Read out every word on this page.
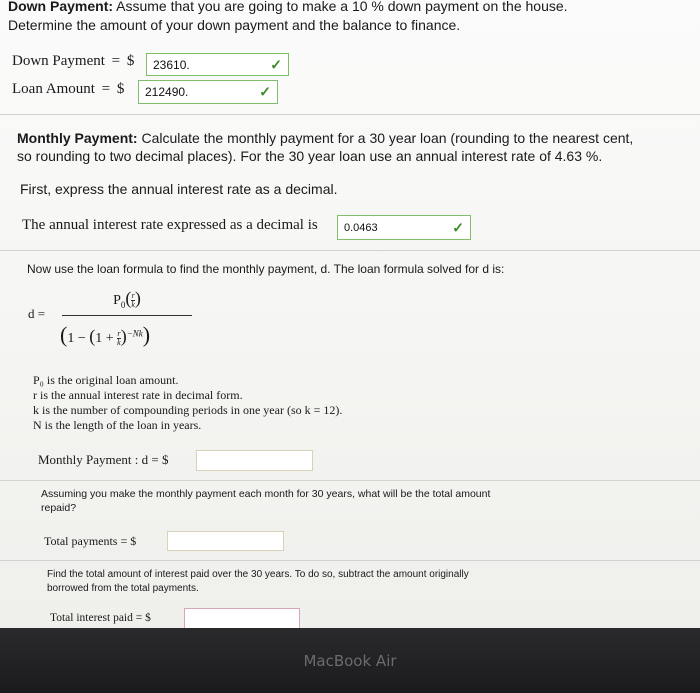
Down Payment: Assume that you are going to make a 10 % down payment on the house.
Determine the amount of your down payment and the balance to finance.
Down Payment = $ 23610.	✓
Loan Amount = $ 212490.	✓
Monthly Payment: Calculate the monthly payment for a 30 year loan (rounding to the nearest cent,
so rounding to two decimal places). For the 30 year loan use an annual interest rate of 4.63 %.
First, express the annual interest rate as a decimal.
The annual interest rate expressed as a decimal is 0.0463	✓
Now use the loan formula to find the monthly payment, d. The loan formula solved for d is:
d =
$P_0( \frac{r}{k}$ )
$(1 - (1 + \frac{r}{k} )^{-Nk})$
P₀ is the original loan amount.
r is the annual interest rate in decimal form.
k is the number of compounding periods in one year (so k = 12).
N is the length of the loan in years.
Monthly Payment : d = $
Assuming you make the monthly payment each month for 30 years, what will be the total amount
repaid?
Total payments = $
Find the total amount of interest paid over the 30 years. To do so, subtract the amount originally
borrowed from the total payments.
Total interest paid = $
MacBook Air
